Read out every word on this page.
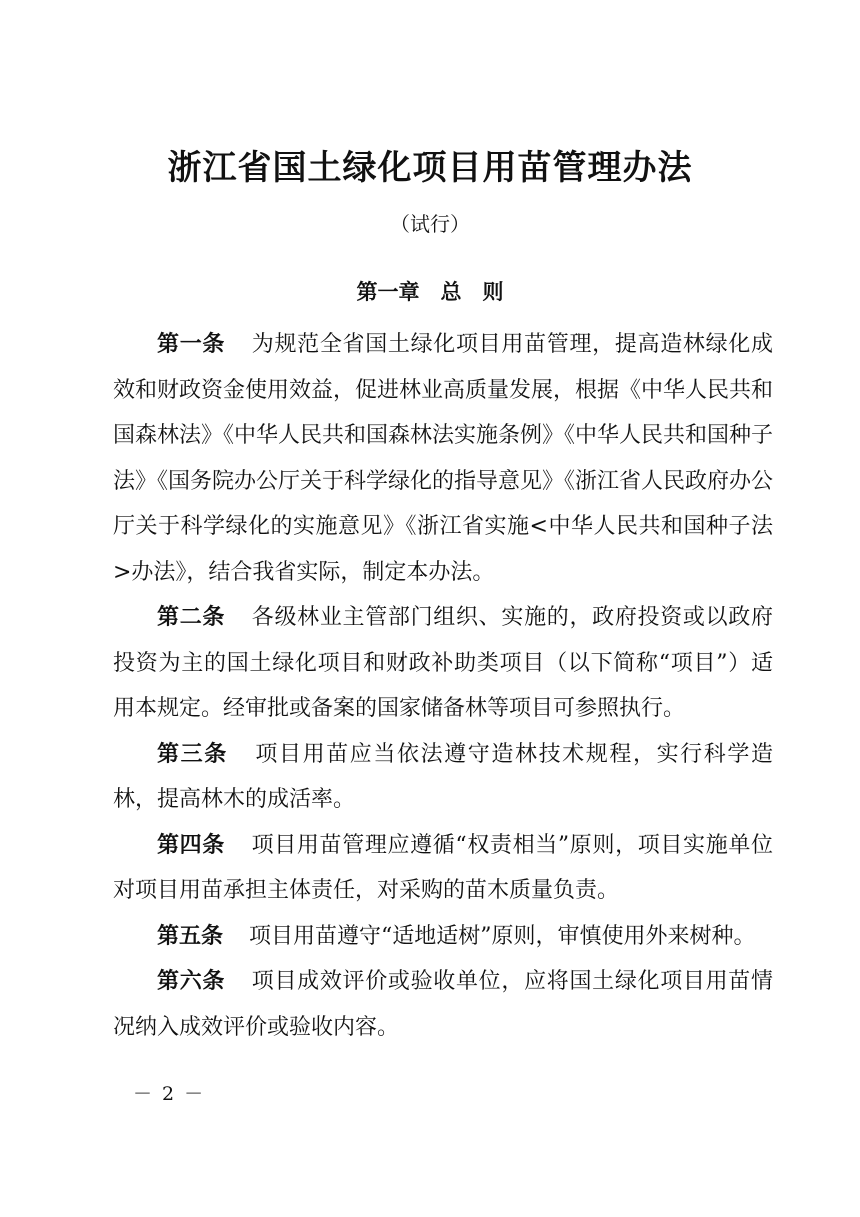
浙江省国土绿化项目用苗管理办法
（试行）
第一章　总　则

第一条 为规范全省国土绿化项目用苗管理，提高造林绿化成效和财政资金使用效益，促进林业高质量发展，根据《中华人民共和国森林法》《中华人民共和国森林法实施条例》《中华人民共和国种子法》《国务院办公厅关于科学绿化的指导意见》《浙江省人民政府办公厅关于科学绿化的实施意见》《浙江省实施<中华人民共和国种子法>办法》，结合我省实际，制定本办法。

第二条 各级林业主管部门组织、实施的，政府投资或以政府投资为主的国土绿化项目和财政补助类项目（以下简称“项目”）适用本规定。经审批或备案的国家储备林等项目可参照执行。

第三条 项目用苗应当依法遵守造林技术规程，实行科学造林，提高林木的成活率。

第四条 项目用苗管理应遵循“权责相当”原则，项目实施单位对项目用苗承担主体责任，对采购的苗木质量负责。

第五条 项目用苗遵守“适地适树”原则，审慎使用外来树种。

第六条 项目成效评价或验收单位，应将国土绿化项目用苗情况纳入成效评价或验收内容。

－ 2 －
